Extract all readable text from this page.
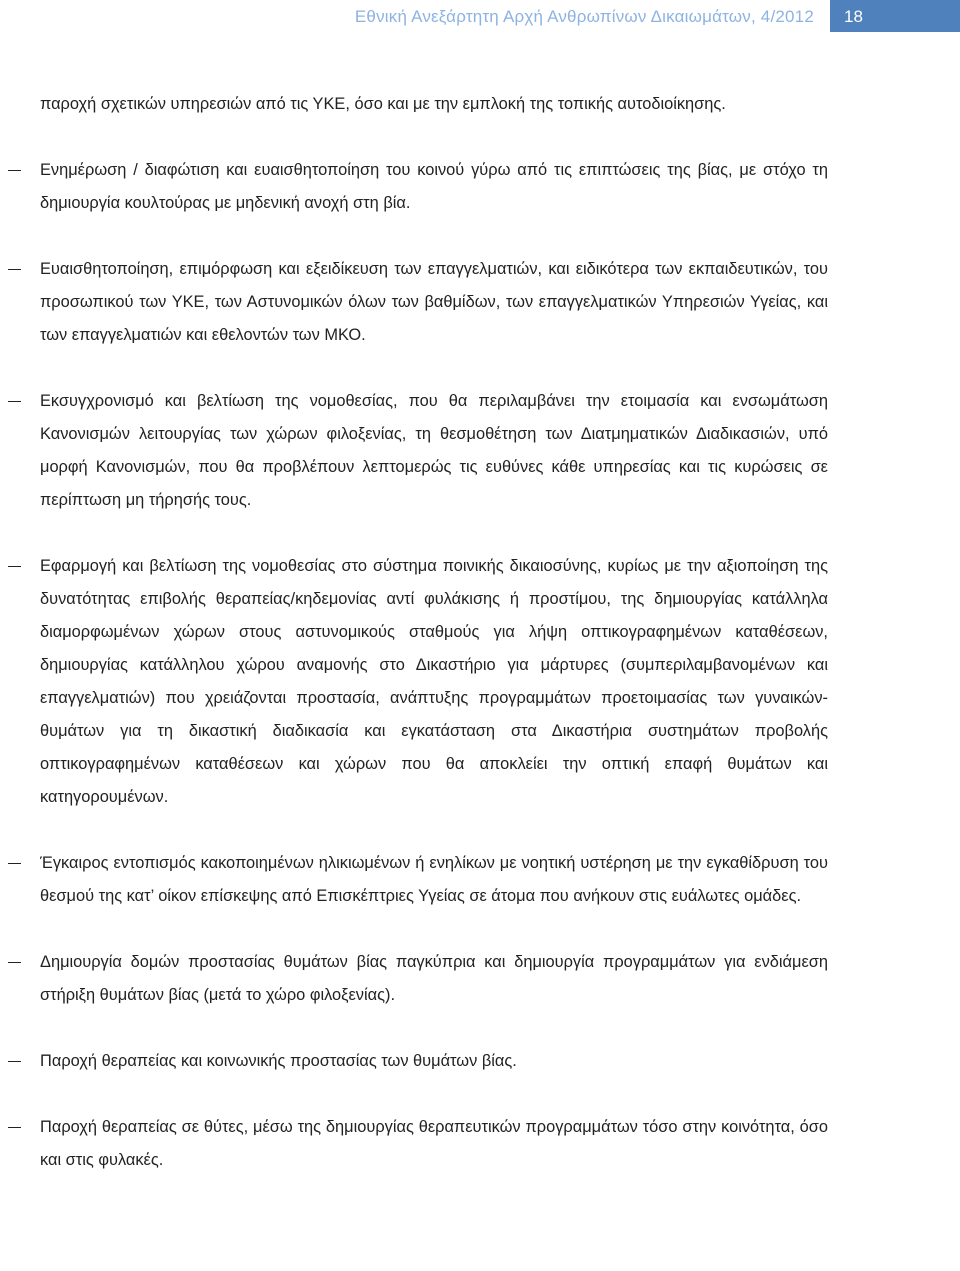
Εθνική Ανεξάρτητη Αρχή Ανθρωπίνων Δικαιωμάτων, 4/2012 18

παροχή σχετικών υπηρεσιών από τις ΥΚΕ, όσο και με την εμπλοκή της τοπικής αυτοδιοίκησης.

Ενημέρωση / διαφώτιση και ευαισθητοποίηση του κοινού γύρω από τις επιπτώσεις της βίας, με στόχο τη δημιουργία κουλτούρας με μηδενική ανοχή στη βία.
Ευαισθητοποίηση, επιμόρφωση και εξειδίκευση των επαγγελματιών, και ειδικότερα των εκπαιδευτικών, του προσωπικού των ΥΚΕ, των Αστυνομικών όλων των βαθμίδων, των επαγγελματικών Υπηρεσιών Υγείας, και των επαγγελματιών και εθελοντών των ΜΚΟ.
Εκσυγχρονισμό και βελτίωση της νομοθεσίας, που θα περιλαμβάνει την ετοιμασία και ενσωμάτωση Κανονισμών λειτουργίας των χώρων φιλοξενίας, τη θεσμοθέτηση των Διατμηματικών Διαδικασιών, υπό μορφή Κανονισμών, που θα προβλέπουν λεπτομερώς τις ευθύνες κάθε υπηρεσίας και τις κυρώσεις σε περίπτωση μη τήρησής τους.
Εφαρμογή και βελτίωση της νομοθεσίας στο σύστημα ποινικής δικαιοσύνης, κυρίως με την αξιοποίηση της δυνατότητας επιβολής θεραπείας/κηδεμονίας αντί φυλάκισης ή προστίμου, της δημιουργίας κατάλληλα διαμορφωμένων χώρων στους αστυνομικούς σταθμούς για λήψη οπτικογραφημένων καταθέσεων, δημιουργίας κατάλληλου χώρου αναμονής στο Δικαστήριο για μάρτυρες (συμπεριλαμβανομένων και επαγγελματιών) που χρειάζονται προστασία, ανάπτυξης προγραμμάτων προετοιμασίας των γυναικών-θυμάτων για τη δικαστική διαδικασία και εγκατάσταση στα Δικαστήρια συστημάτων προβολής οπτικογραφημένων καταθέσεων και χώρων που θα αποκλείει την οπτική επαφή θυμάτων και κατηγορουμένων.
Έγκαιρος εντοπισμός κακοποιημένων ηλικιωμένων ή ενηλίκων με νοητική υστέρηση με την εγκαθίδρυση του θεσμού της κατ’ οίκον επίσκεψης από Επισκέπτριες Υγείας σε άτομα που ανήκουν στις ευάλωτες ομάδες.
Δημιουργία δομών προστασίας θυμάτων βίας παγκύπρια και δημιουργία προγραμμάτων για ενδιάμεση στήριξη θυμάτων βίας (μετά το χώρο φιλοξενίας).
Παροχή θεραπείας και κοινωνικής προστασίας των θυμάτων βίας.
Παροχή θεραπείας σε θύτες, μέσω της δημιουργίας θεραπευτικών προγραμμάτων τόσο στην κοινότητα, όσο και στις φυλακές.
